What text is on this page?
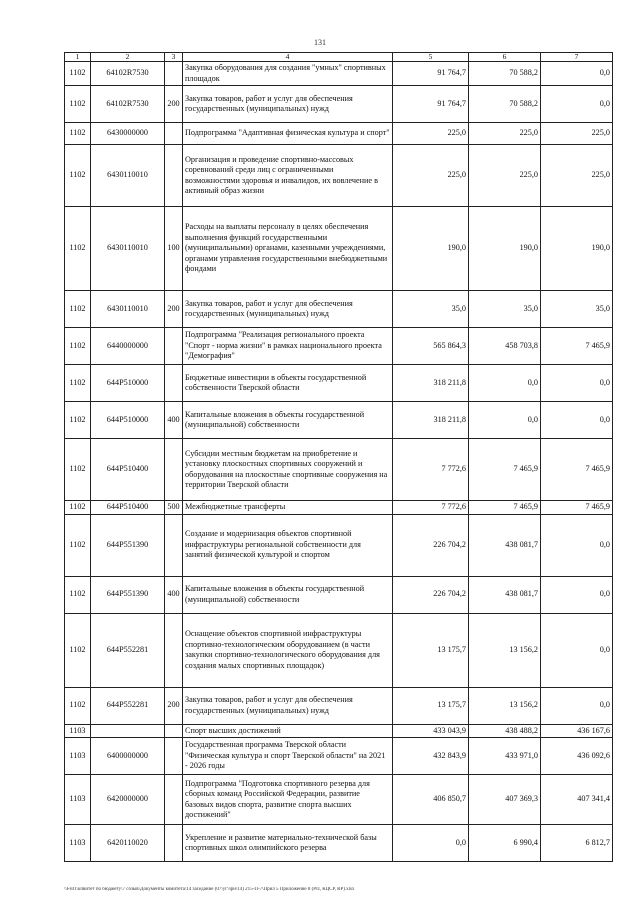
131
1	2	3	4	5	6	7
1102	64102R7530		Закупка оборудования для создания "умных" спортивных площадок	91 764,7	70 588,2	0,0
1102	64102R7530	200	Закупка товаров, работ и услуг для обеспечения государственных (муниципальных) нужд	91 764,7	70 588,2	0,0
1102	6430000000		Подпрограмма "Адаптивная физическая культура и спорт"	225,0	225,0	225,0
1102	6430110010		Организация и проведение спортивно-массовых соревнований среди лиц с ограниченными возможностями здоровья и инвалидов, их вовлечение в активный образ жизни	225,0	225,0	225,0
1102	6430110010	100	Расходы на выплаты персоналу в целях обеспечения выполнения функций государственными (муниципальными) органами, казенными учреждениями, органами управления государственными внебюджетными фондами	190,0	190,0	190,0
1102	6430110010	200	Закупка товаров, работ и услуг для обеспечения государственных (муниципальных) нужд	35,0	35,0	35,0
1102	6440000000		Подпрограмма "Реализация регионального проекта "Спорт - норма жизни" в рамках национального проекта "Демография"	565 864,3	458 703,8	7 465,9
1102	644P510000		Бюджетные инвестиции в объекты государственной собственности Тверской области	318 211,8	0,0	0,0
1102	644P510000	400	Капитальные вложения в объекты государственной (муниципальной) собственности	318 211,8	0,0	0,0
1102	644P510400		Субсидии местным бюджетам на приобретение и установку плоскостных спортивных сооружений и оборудования на плоскостные спортивные сооружения на территории Тверской области	7 772,6	7 465,9	7 465,9
1102	644P510400	500	Межбюджетные трансферты	7 772,6	7 465,9	7 465,9
1102	644P551390		Создание и модернизация объектов спортивной инфраструктуры региональной собственности для занятий физической культурой и спортом	226 704,2	438 081,7	0,0
1102	644P551390	400	Капитальные вложения в объекты государственной (муниципальной) собственности	226 704,2	438 081,7	0,0
1102	644P552281		Оснащение объектов спортивной инфраструктуры спортивно-технологическим оборудованием (в части закупки спортивно-технологического оборудования для создания малых спортивных площадок)	13 175,7	13 156,2	0,0
1102	644P552281	200	Закупка товаров, работ и услуг для обеспечения государственных (муниципальных) нужд	13 175,7	13 156,2	0,0
1103			Спорт высших достижений	433 043,9	438 488,2	436 167,6
1103	6400000000		Государственная программа Тверской области "Физическая культура и спорт Тверской области" на 2021 - 2026 годы	432 843,9	433 971,0	436 092,6
1103	6420000000		Подпрограмма "Подготовка спортивного резерва для сборных команд Российской Федерации, развитие базовых видов спорта, развитие спорта высших достижений"	406 850,7	407 369,3	407 341,4
1103	6420110020		Укрепление и развитие материально-технической базы спортивных школ олимпийского резерва	0,0	6 990,4	6 812,7
\\Fs01\кпвитет по бюджету\7 созыв\Документы комитета\14 заседание (07\уг\зрн\14) 215-П-7\Прил 5 Приложение 8 (РП, КЦСР, ВР).xlsx
